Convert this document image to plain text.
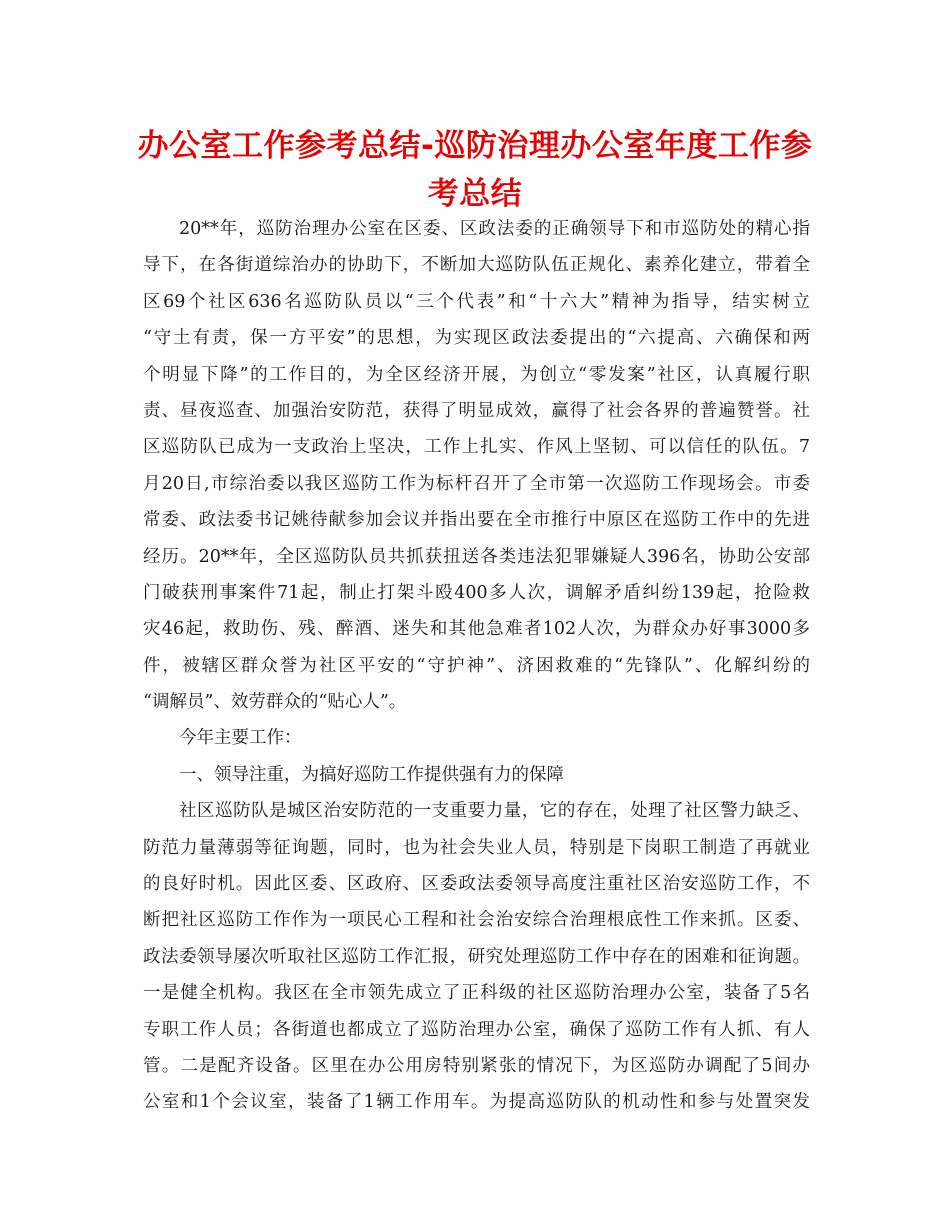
办公室工作参考总结-巡防治理办公室年度工作参
考总结
20**年，巡防治理办公室在区委、区政法委的正确领导下和市巡防处的精心指
导下，在各街道综治办的协助下，不断加大巡防队伍正规化、素养化建立，带着全
区69个社区636名巡防队员以“三个代表”和“十六大”精神为指导，结实树立
“守土有责，保一方平安”的思想，为实现区政法委提出的“六提高、六确保和两
个明显下降”的工作目的，为全区经济开展，为创立“零发案”社区，认真履行职
责、昼夜巡查、加强治安防范，获得了明显成效，赢得了社会各界的普遍赞誉。社
区巡防队已成为一支政治上坚决，工作上扎实、作风上坚韧、可以信任的队伍。7
月20日,市综治委以我区巡防工作为标杆召开了全市第一次巡防工作现场会。市委
常委、政法委书记姚待献参加会议并指出要在全市推行中原区在巡防工作中的先进
经历。20**年，全区巡防队员共抓获扭送各类违法犯罪嫌疑人396名，协助公安部
门破获刑事案件71起，制止打架斗殴400多人次，调解矛盾纠纷139起，抢险救
灾46起，救助伤、残、醉酒、迷失和其他急难者102人次，为群众办好事3000多
件，被辖区群众誉为社区平安的“守护神”、济困救难的“先锋队”、化解纠纷的
“调解员”、效劳群众的“贴心人”。
今年主要工作：
一、领导注重，为搞好巡防工作提供强有力的保障
社区巡防队是城区治安防范的一支重要力量，它的存在，处理了社区警力缺乏、
防范力量薄弱等征询题，同时，也为社会失业人员，特别是下岗职工制造了再就业
的良好时机。因此区委、区政府、区委政法委领导高度注重社区治安巡防工作，不
断把社区巡防工作作为一项民心工程和社会治安综合治理根底性工作来抓。区委、
政法委领导屡次听取社区巡防工作汇报，研究处理巡防工作中存在的困难和征询题。
一是健全机构。我区在全市领先成立了正科级的社区巡防治理办公室，装备了5名
专职工作人员；各街道也都成立了巡防治理办公室，确保了巡防工作有人抓、有人
管。二是配齐设备。区里在办公用房特别紧张的情况下，为区巡防办调配了5间办
公室和1个会议室，装备了1辆工作用车。为提高巡防队的机动性和参与处置突发
